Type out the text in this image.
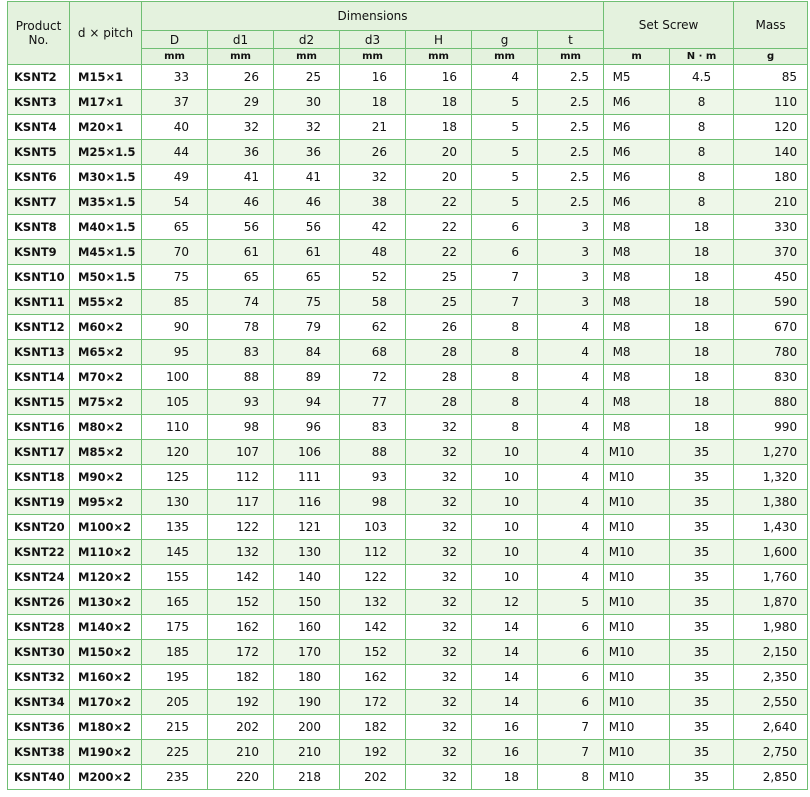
Product
No.	d × pitch	Dimensions							Set Screw		Mass
		D	d1	d2	d3	H	g	t			
		mm	mm	mm	mm	mm	mm	mm	m	N · m	g
KSNT2	M15×1	33	26	25	16	16	4	2.5	M5	4.5	85
KSNT3	M17×1	37	29	30	18	18	5	2.5	M6	8	110
KSNT4	M20×1	40	32	32	21	18	5	2.5	M6	8	120
KSNT5	M25×1.5	44	36	36	26	20	5	2.5	M6	8	140
KSNT6	M30×1.5	49	41	41	32	20	5	2.5	M6	8	180
KSNT7	M35×1.5	54	46	46	38	22	5	2.5	M6	8	210
KSNT8	M40×1.5	65	56	56	42	22	6	3	M8	18	330
KSNT9	M45×1.5	70	61	61	48	22	6	3	M8	18	370
KSNT10	M50×1.5	75	65	65	52	25	7	3	M8	18	450
KSNT11	M55×2	85	74	75	58	25	7	3	M8	18	590
KSNT12	M60×2	90	78	79	62	26	8	4	M8	18	670
KSNT13	M65×2	95	83	84	68	28	8	4	M8	18	780
KSNT14	M70×2	100	88	89	72	28	8	4	M8	18	830
KSNT15	M75×2	105	93	94	77	28	8	4	M8	18	880
KSNT16	M80×2	110	98	96	83	32	8	4	M8	18	990
KSNT17	M85×2	120	107	106	88	32	10	4	M10	35	1,270
KSNT18	M90×2	125	112	111	93	32	10	4	M10	35	1,320
KSNT19	M95×2	130	117	116	98	32	10	4	M10	35	1,380
KSNT20	M100×2	135	122	121	103	32	10	4	M10	35	1,430
KSNT22	M110×2	145	132	130	112	32	10	4	M10	35	1,600
KSNT24	M120×2	155	142	140	122	32	10	4	M10	35	1,760
KSNT26	M130×2	165	152	150	132	32	12	5	M10	35	1,870
KSNT28	M140×2	175	162	160	142	32	14	6	M10	35	1,980
KSNT30	M150×2	185	172	170	152	32	14	6	M10	35	2,150
KSNT32	M160×2	195	182	180	162	32	14	6	M10	35	2,350
KSNT34	M170×2	205	192	190	172	32	14	6	M10	35	2,550
KSNT36	M180×2	215	202	200	182	32	16	7	M10	35	2,640
KSNT38	M190×2	225	210	210	192	32	16	7	M10	35	2,750
KSNT40	M200×2	235	220	218	202	32	18	8	M10	35	2,850
